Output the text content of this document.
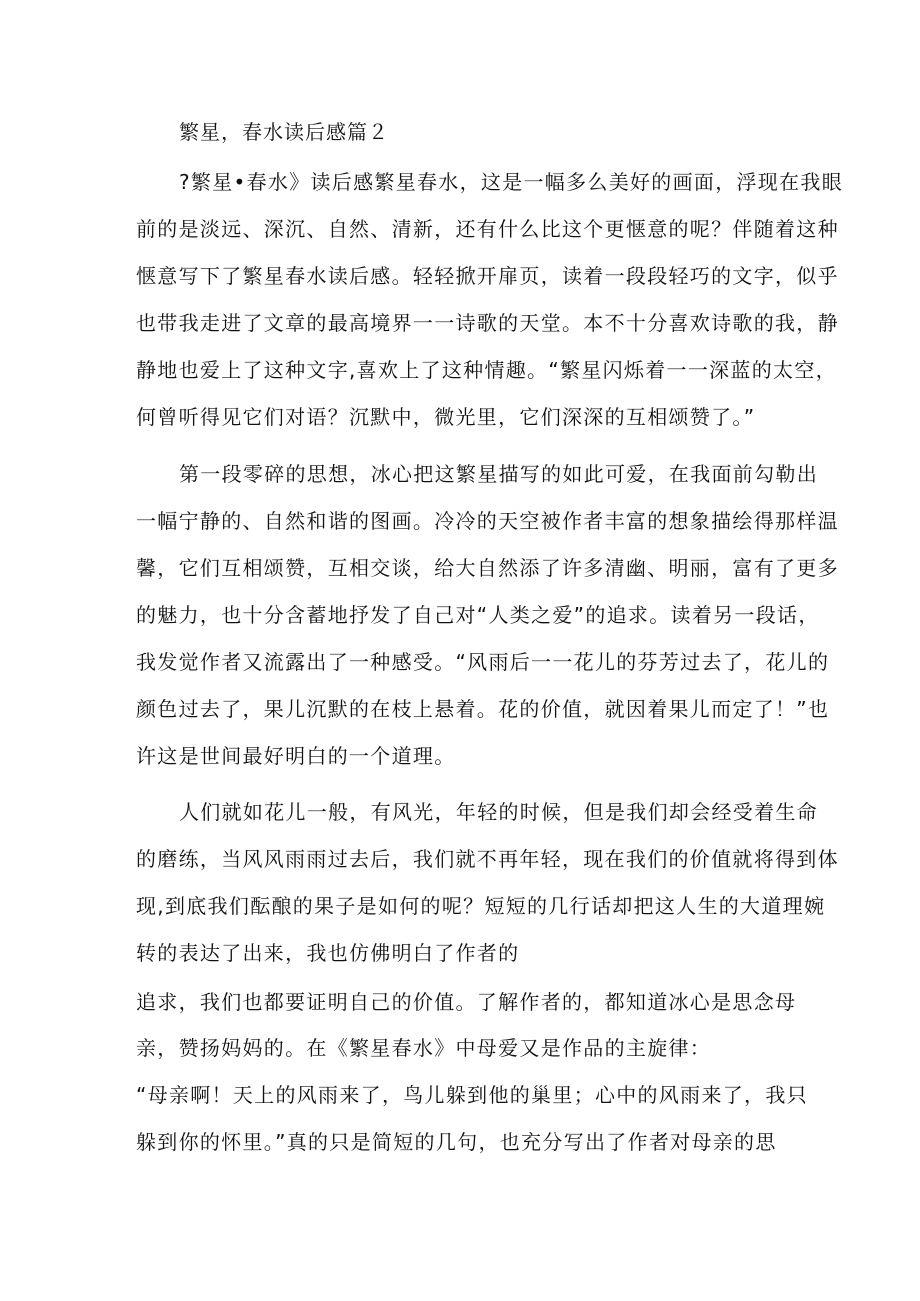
繁星，春水读后感篇２
?繁星•春水》读后感繁星春水，这是一幅多么美好的画面，浮现在我眼
前的是淡远、深沉、自然、清新，还有什么比这个更惬意的呢？伴随着这种
惬意写下了繁星春水读后感。轻轻掀开扉页，读着一段段轻巧的文字，似乎
也带我走进了文章的最高境界一一诗歌的天堂。本不十分喜欢诗歌的我，静
静地也爱上了这种文字,喜欢上了这种情趣。“繁星闪烁着一一深蓝的太空，
何曾听得见它们对语？沉默中，微光里，它们深深的互相颂赞了。”
第一段零碎的思想，冰心把这繁星描写的如此可爱，在我面前勾勒出
一幅宁静的、自然和谐的图画。冷冷的天空被作者丰富的想象描绘得那样温
馨，它们互相颂赞，互相交谈，给大自然添了许多清幽、明丽，富有了更多
的魅力，也十分含蓄地抒发了自己对“人类之爱”的追求。读着另一段话，
我发觉作者又流露出了一种感受。“风雨后一一花儿的芬芳过去了，花儿的
颜色过去了，果儿沉默的在枝上悬着。花的价值，就因着果儿而定了！”也
许这是世间最好明白的一个道理。
人们就如花儿一般，有风光，年轻的时候，但是我们却会经受着生命
的磨练，当风风雨雨过去后，我们就不再年轻，现在我们的价值就将得到体
现,到底我们酝酿的果子是如何的呢？短短的几行话却把这人生的大道理婉
转的表达了出来，我也仿佛明白了作者的
追求，我们也都要证明自己的价值。了解作者的，都知道冰心是思念母
亲，赞扬妈妈的。在《繁星春水》中母爱又是作品的主旋律：
“母亲啊！天上的风雨来了，鸟儿躲到他的巢里；心中的风雨来了，我只
躲到你的怀里。”真的只是简短的几句，也充分写出了作者对母亲的思
